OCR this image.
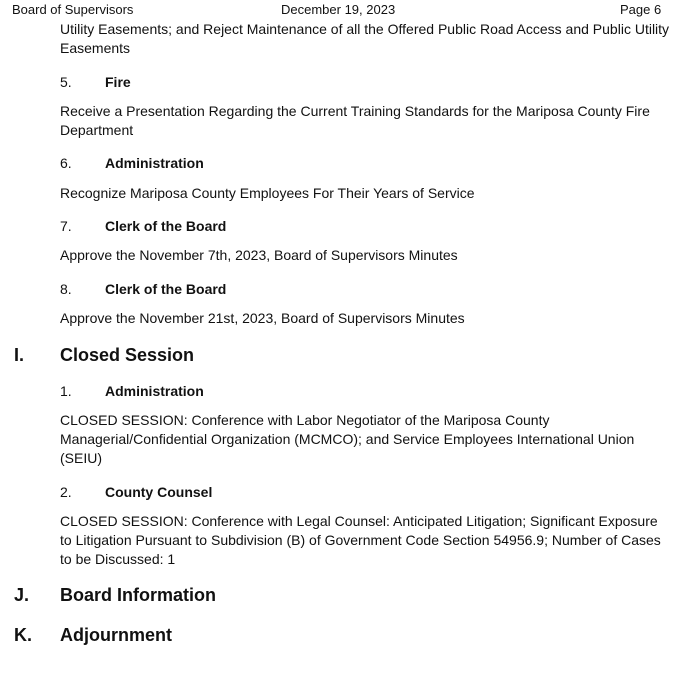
Board of Supervisors	December 19, 2023	Page 6

Utility Easements; and Reject Maintenance of all the Offered Public Road Access and Public Utility Easements

5. Fire

Receive a Presentation Regarding the Current Training Standards for the Mariposa County Fire Department

6. Administration

Recognize Mariposa County Employees For Their Years of Service

7. Clerk of the Board

Approve the November 7th, 2023, Board of Supervisors Minutes

8. Clerk of the Board

Approve the November 21st, 2023, Board of Supervisors Minutes

I. Closed Session
1. Administration

CLOSED SESSION: Conference with Labor Negotiator of the Mariposa County Managerial/Confidential Organization (MCMCO); and Service Employees International Union (SEIU)

2. County Counsel

CLOSED SESSION: Conference with Legal Counsel: Anticipated Litigation; Significant Exposure to Litigation Pursuant to Subdivision (B) of Government Code Section 54956.9; Number of Cases to be Discussed: 1

J. Board Information
K. Adjournment
